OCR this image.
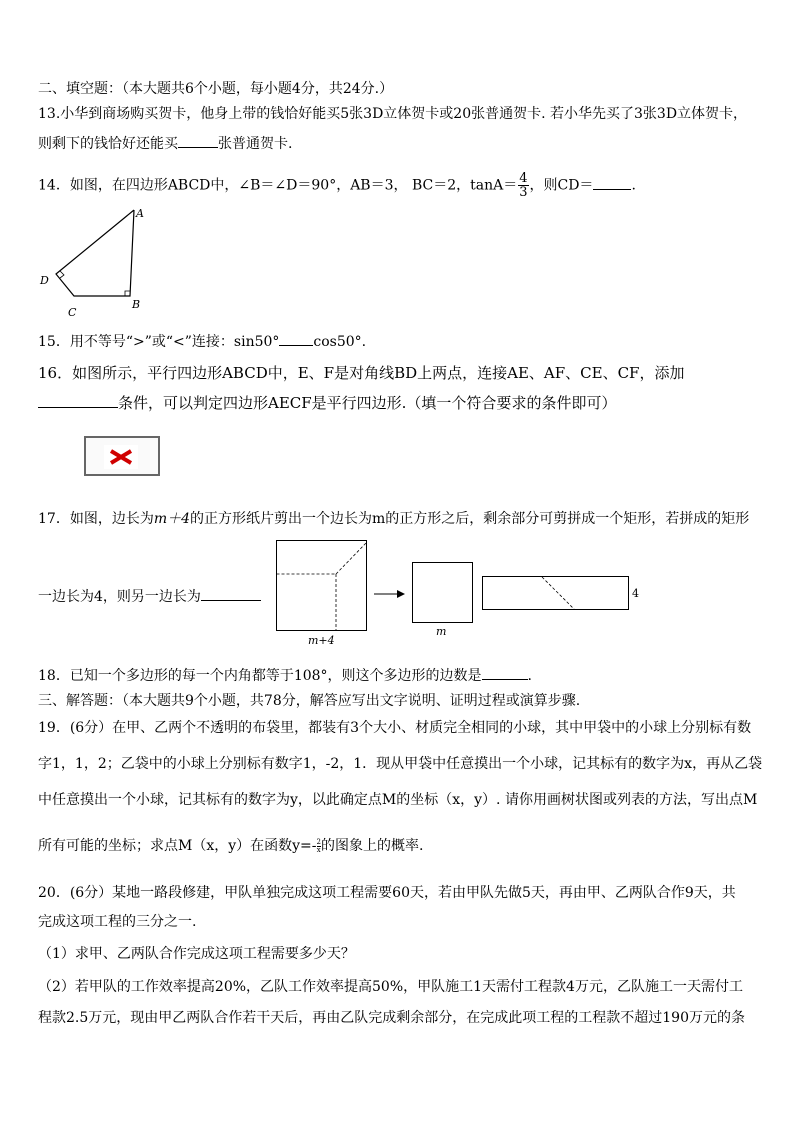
二、填空题：（本大题共6个小题，每小题4分，共24分.）
13.小华到商场购买贺卡，他身上带的钱恰好能买5张3D立体贺卡或20张普通贺卡. 若小华先买了3张3D立体贺卡，
则剩下的钱恰好还能买	张普通贺卡.
14．如图，在四边形ABCD中，∠B＝∠D＝90°，AB＝3， BC＝2，$\tan A= \frac{4}{3}$ ，则CD＝	.
A
B
C
D
15．用不等号“>”或“<”连接：sin50° cos50°.
16．如图所示，平行四边形ABCD中，E、F是对角线BD上两点，连接AE、AF、CE、CF，添加
条件，可以判定四边形AECF是平行四边形.（填一个符合要求的条件即可）
17．如图，边长为m＋4的正方形纸片剪出一个边长为m的正方形之后，剩余部分可剪拼成一个矩形，若拼成的矩形
一边长为4，则另一边长为
m+4
m
4
18．已知一个多边形的每一个内角都等于108°，则这个多边形的边数是	.
三、解答题：（本大题共9个小题，共78分，解答应写出文字说明、证明过程或演算步骤.
19．(6分）在甲、乙两个不透明的布袋里，都装有3个大小、材质完全相同的小球，其中甲袋中的小球上分别标有数
字1，1，2；乙袋中的小球上分别标有数字1，-2，1．现从甲袋中任意摸出一个小球，记其标有的数字为x，再从乙袋
中任意摸出一个小球，记其标有的数字为y，以此确定点M的坐标（x，y）. 请你用画树状图或列表的方法，写出点M
所有可能的坐标；求点M（x，y）在函数$y=- \frac{2}{x}$ 的图象上的概率.
20．(6分）某地一路段修建，甲队单独完成这项工程需要60天，若由甲队先做5天，再由甲、乙两队合作9天，共
完成这项工程的三分之一.
（1）求甲、乙两队合作完成这项工程需要多少天？
（2）若甲队的工作效率提高20%，乙队工作效率提高50%，甲队施工1天需付工程款4万元，乙队施工一天需付工
程款2.5万元，现由甲乙两队合作若干天后，再由乙队完成剩余部分，在完成此项工程的工程款不超过190万元的条
